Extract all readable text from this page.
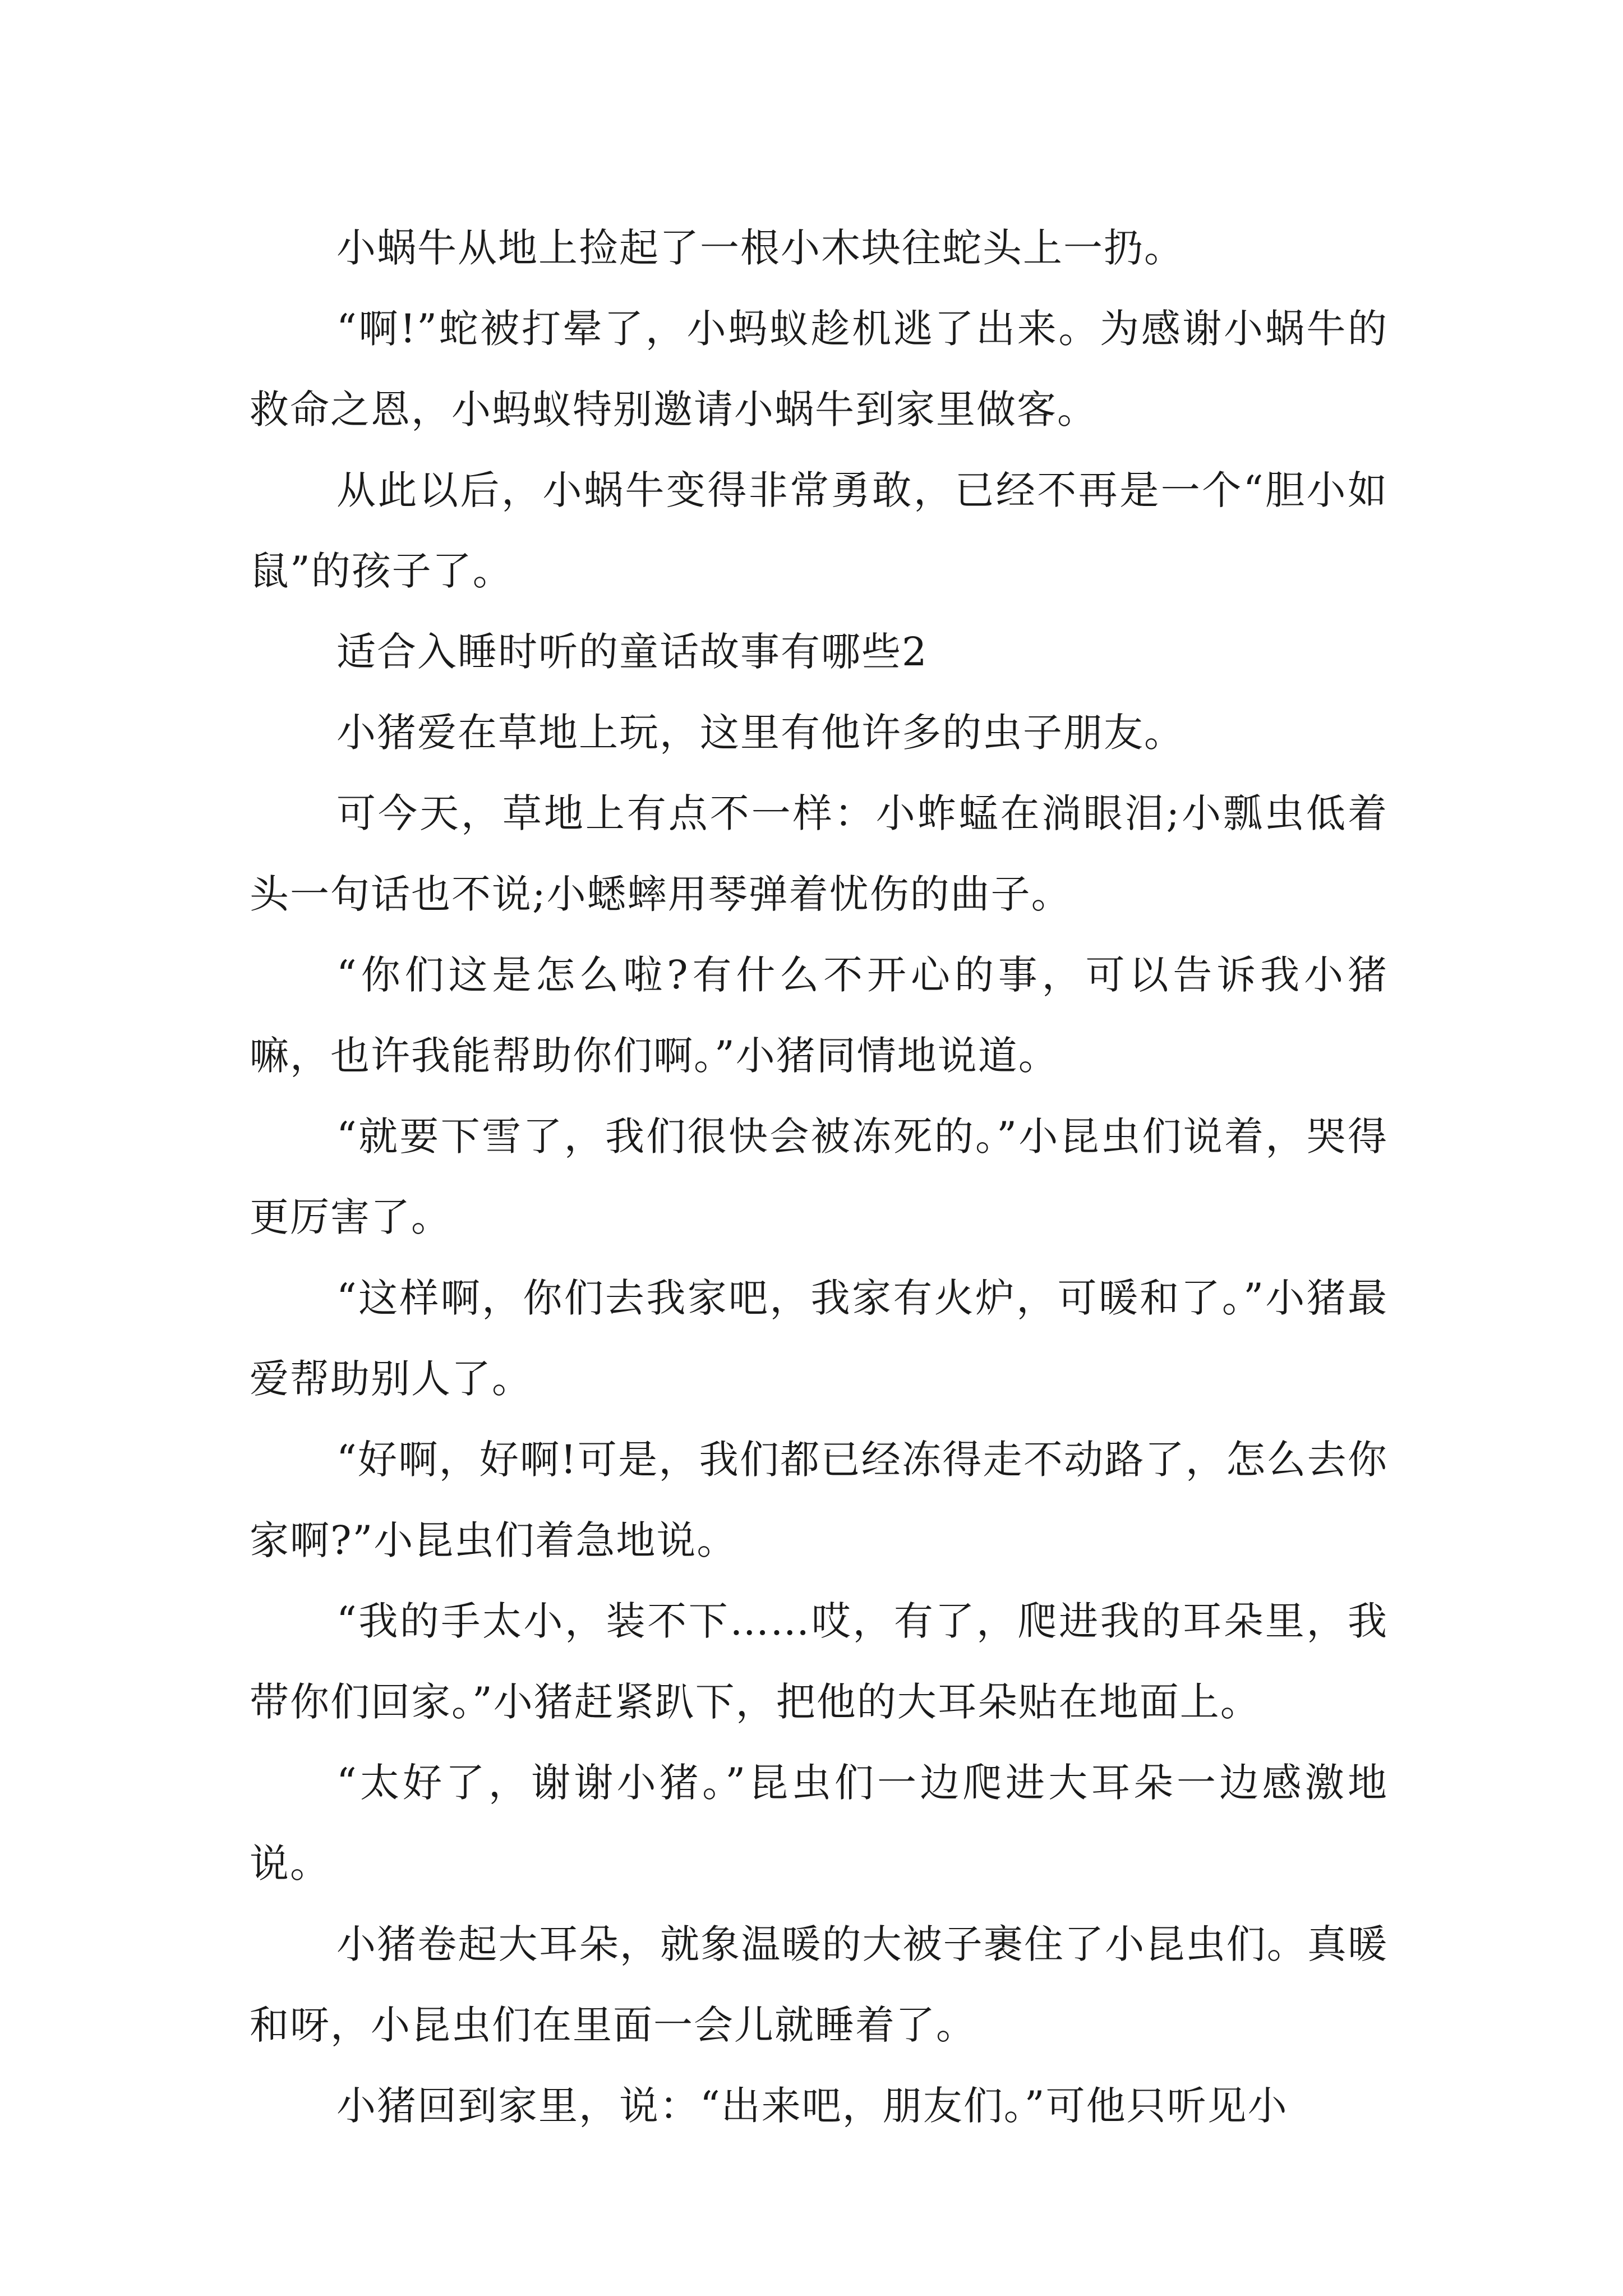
小蜗牛从地上捡起了一根小木块往蛇头上一扔。

“啊!”蛇被打晕了，小蚂蚁趁机逃了出来。为感谢小蜗牛的救命之恩，小蚂蚁特别邀请小蜗牛到家里做客。

从此以后，小蜗牛变得非常勇敢，已经不再是一个“胆小如鼠”的孩子了。

适合入睡时听的童话故事有哪些2

小猪爱在草地上玩，这里有他许多的虫子朋友。

可今天，草地上有点不一样：小蚱蜢在淌眼泪;小瓢虫低着头一句话也不说;小蟋蟀用琴弹着忧伤的曲子。

“你们这是怎么啦?有什么不开心的事，可以告诉我小猪嘛，也许我能帮助你们啊。”小猪同情地说道。

“就要下雪了，我们很快会被冻死的。”小昆虫们说着，哭得更厉害了。

“这样啊，你们去我家吧，我家有火炉，可暖和了。”小猪最爱帮助别人了。

“好啊，好啊!可是，我们都已经冻得走不动路了，怎么去你家啊?”小昆虫们着急地说。

“我的手太小，装不下……哎，有了，爬进我的耳朵里，我带你们回家。”小猪赶紧趴下，把他的大耳朵贴在地面上。

“太好了，谢谢小猪。”昆虫们一边爬进大耳朵一边感激地说。

小猪卷起大耳朵，就象温暖的大被子裹住了小昆虫们。真暖和呀，小昆虫们在里面一会儿就睡着了。

小猪回到家里，说：“出来吧，朋友们。”可他只听见小
